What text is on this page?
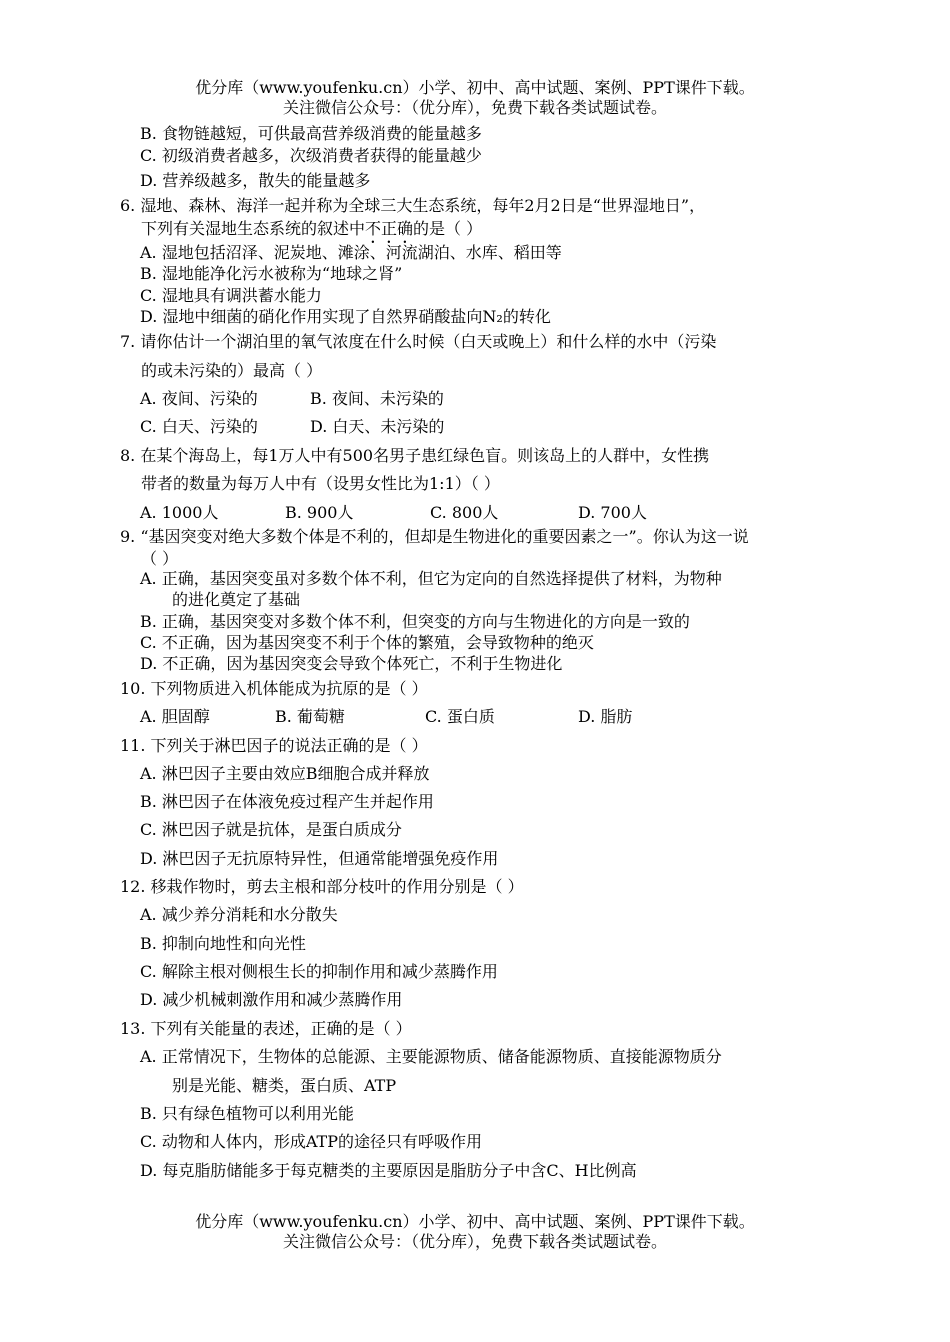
优分库（www.youfenku.cn）小学、初中、高中试题、案例、PPT课件下载。
关注微信公众号：（优分库），免费下载各类试题试卷。
B. 食物链越短，可供最高营养级消费的能量越多
C. 初级消费者越多，次级消费者获得的能量越少
D. 营养级越多，散失的能量越多
6. 湿地、森林、海洋一起并称为全球三大生态系统，每年2月2日是“世界湿地日”，
下列有关湿地生态系统的叙述中不正确的是（ ）
A. 湿地包括沼泽、泥炭地、滩涂、河流湖泊、水库、稻田等
B. 湿地能净化污水被称为“地球之肾”
C. 湿地具有调洪蓄水能力
D. 湿地中细菌的硝化作用实现了自然界硝酸盐向N₂的转化
7. 请你估计一个湖泊里的氧气浓度在什么时候（白天或晚上）和什么样的水中（污染
的或未污染的）最高（ ）
A. 夜间、污染的	B. 夜间、未污染的
C. 白天、污染的	D. 白天、未污染的
8. 在某个海岛上，每1万人中有500名男子患红绿色盲。则该岛上的人群中，女性携
带者的数量为每万人中有（设男女性比为1:1）（ ）
A. 1000人	B. 900人	C. 800人	D. 700人
9. “基因突变对绝大多数个体是不利的，但却是生物进化的重要因素之一”。你认为这一说
（ ）
A. 正确，基因突变虽对多数个体不利，但它为定向的自然选择提供了材料，为物种
的进化奠定了基础
B. 正确，基因突变对多数个体不利，但突变的方向与生物进化的方向是一致的
C. 不正确，因为基因突变不利于个体的繁殖，会导致物种的绝灭
D. 不正确，因为基因突变会导致个体死亡，不利于生物进化
10. 下列物质进入机体能成为抗原的是（ ）
A. 胆固醇	B. 葡萄糖	C. 蛋白质	D. 脂肪
11. 下列关于淋巴因子的说法正确的是（ ）
A. 淋巴因子主要由效应B细胞合成并释放
B. 淋巴因子在体液免疫过程产生并起作用
C. 淋巴因子就是抗体，是蛋白质成分
D. 淋巴因子无抗原特异性，但通常能增强免疫作用
12. 移栽作物时，剪去主根和部分枝叶的作用分别是（ ）
A. 减少养分消耗和水分散失
B. 抑制向地性和向光性
C. 解除主根对侧根生长的抑制作用和减少蒸腾作用
D. 减少机械刺激作用和减少蒸腾作用
13. 下列有关能量的表述，正确的是（ ）
A. 正常情况下，生物体的总能源、主要能源物质、储备能源物质、直接能源物质分
别是光能、糖类，蛋白质、ATP
B. 只有绿色植物可以利用光能
C. 动物和人体内，形成ATP的途径只有呼吸作用
D. 每克脂肪储能多于每克糖类的主要原因是脂肪分子中含C、H比例高
优分库（www.youfenku.cn）小学、初中、高中试题、案例、PPT课件下载。
关注微信公众号：（优分库），免费下载各类试题试卷。
